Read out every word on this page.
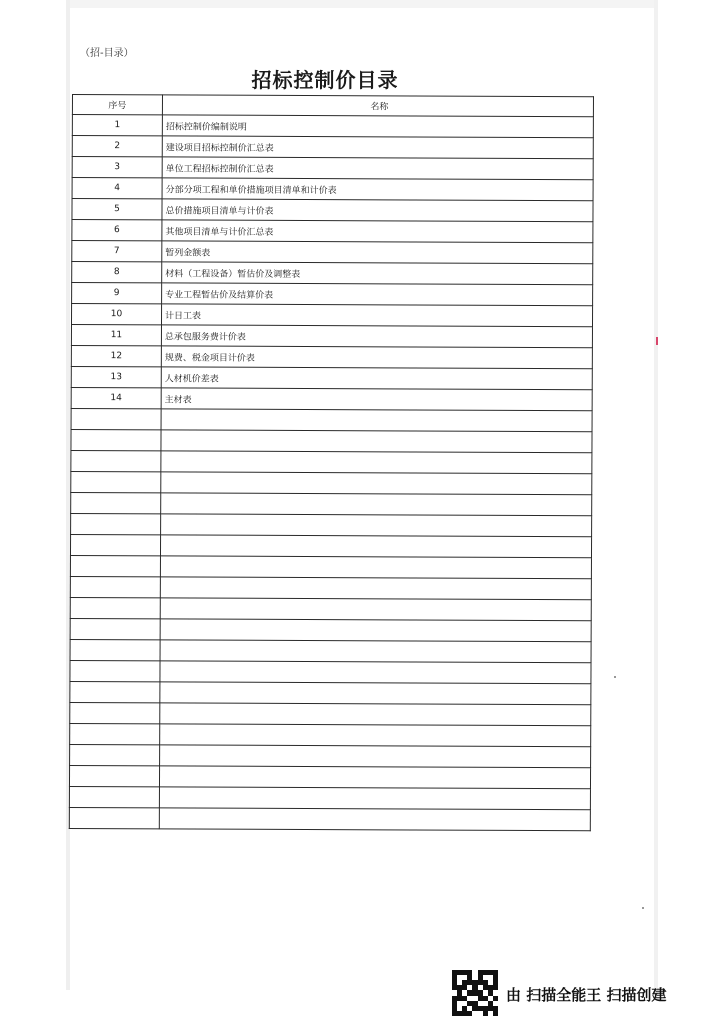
（招-目录）
招标控制价目录
序号	名称
1	招标控制价编制说明
2	建设项目招标控制价汇总表
3	单位工程招标控制价汇总表
4	分部分项工程和单价措施项目清单和计价表
5	总价措施项目清单与计价表
6	其他项目清单与计价汇总表
7	暂列金额表
8	材料（工程设备）暂估价及调整表
9	专业工程暂估价及结算价表
10	计日工表
11	总承包服务费计价表
12	规费、税金项目计价表
13	人材机价差表
14	主材表

由 扫描全能王 扫描创建
